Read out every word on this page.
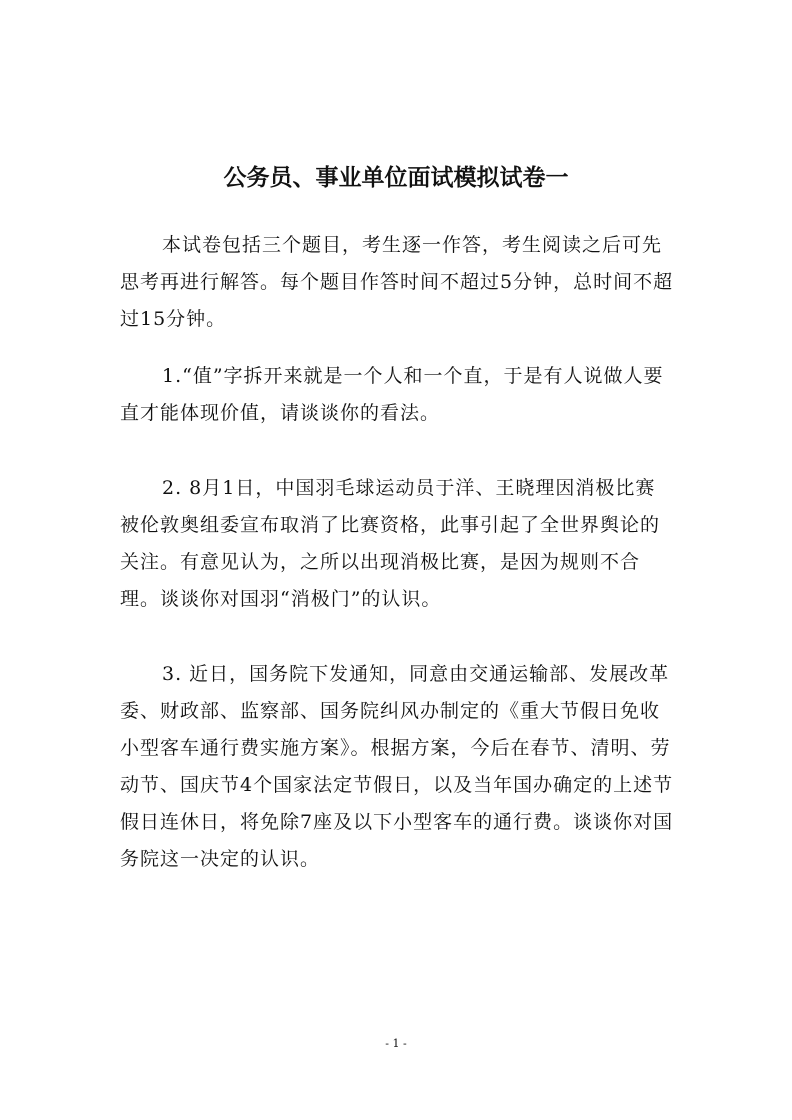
公务员、事业单位面试模拟试卷一

本试卷包括三个题目，考生逐一作答，考生阅读之后可先思考再进行解答。每个题目作答时间不超过5分钟，总时间不超过15分钟。

1.“值”字拆开来就是一个人和一个直，于是有人说做人要直才能体现价值，请谈谈你的看法。

2. 8月1日，中国羽毛球运动员于洋、王晓理因消极比赛被伦敦奥组委宣布取消了比赛资格，此事引起了全世界舆论的关注。有意见认为，之所以出现消极比赛，是因为规则不合理。谈谈你对国羽“消极门”的认识。

3. 近日，国务院下发通知，同意由交通运输部、发展改革委、财政部、监察部、国务院纠风办制定的《重大节假日免收小型客车通行费实施方案》。根据方案，今后在春节、清明、劳动节、国庆节4个国家法定节假日，以及当年国办确定的上述节假日连休日，将免除7座及以下小型客车的通行费。谈谈你对国务院这一决定的认识。

- 1 -
